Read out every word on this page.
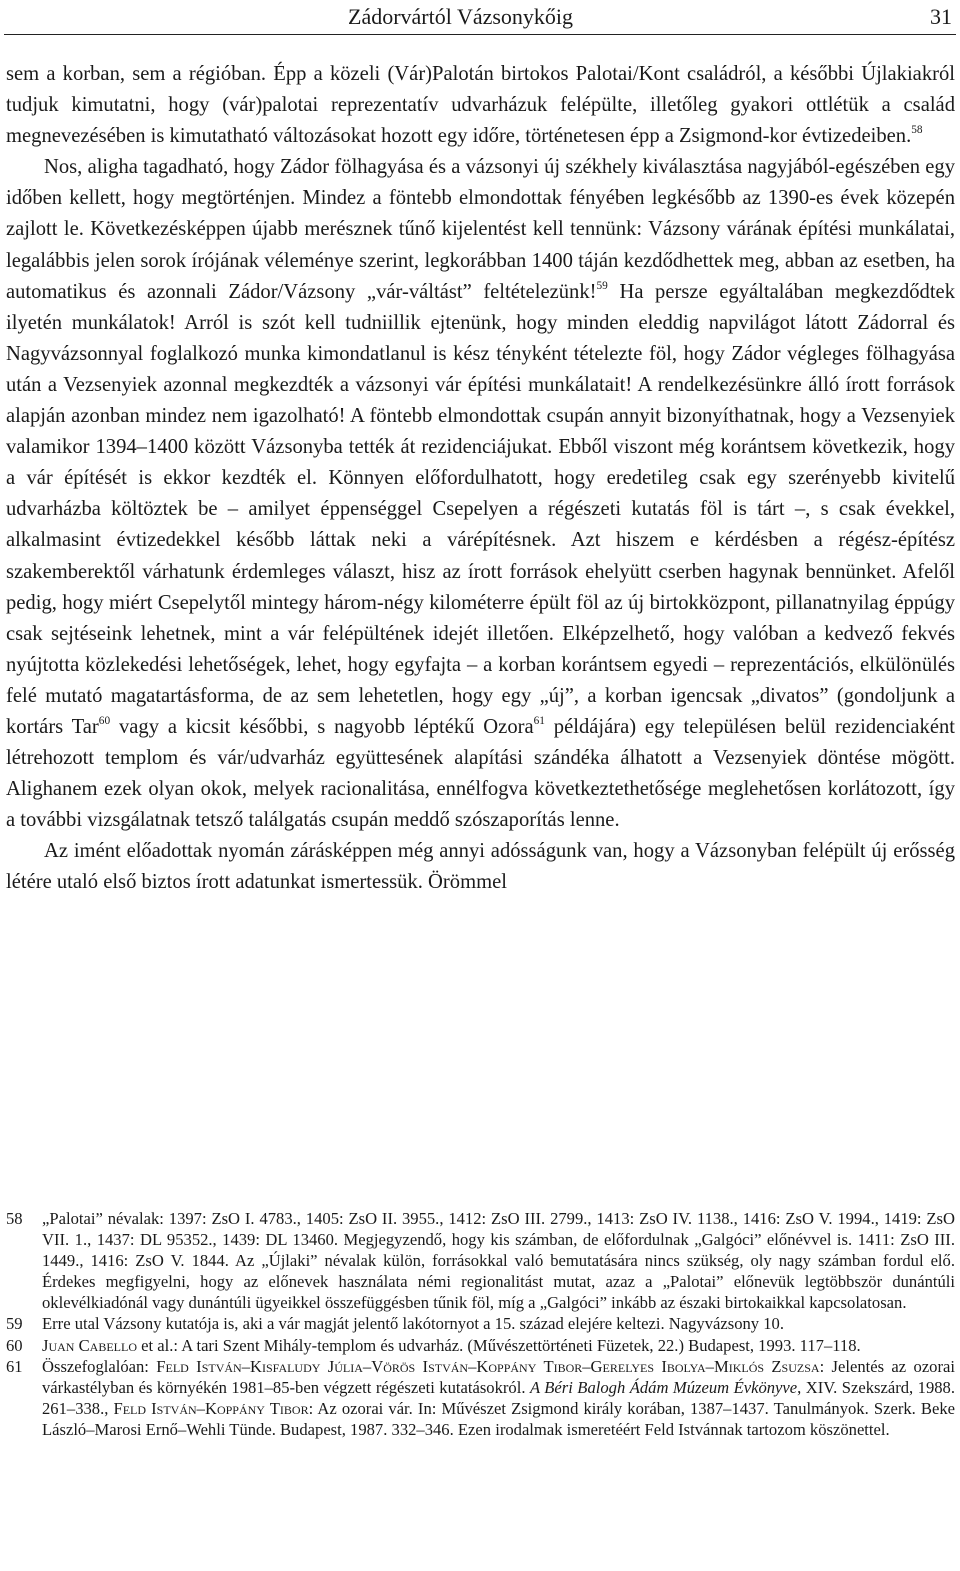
Zádorvártól Vázsonykőig	31

sem a korban, sem a régióban. Épp a közeli (Vár)Palotán birtokos Palotai/Kont családról, a későbbi Újlakiakról tudjuk kimutatni, hogy (vár)palotai reprezentatív udvarházuk felépülte, illetőleg gyakori ottlétük a család megnevezésében is kimutatható változásokat hozott egy időre, történetesen épp a Zsigmond-kor évtizedeiben.$^{58}$

Nos, aligha tagadható, hogy Zádor fölhagyása és a vázsonyi új székhely kiválasztása nagyjából-egészében egy időben kellett, hogy megtörténjen. Mindez a föntebb elmondottak fényében legkésőbb az 1390-es évek közepén zajlott le. Következésképpen újabb merésznek tűnő kijelentést kell tennünk: Vázsony várának építési munkálatai, legalábbis jelen sorok írójának véleménye szerint, legkorábban 1400 táján kezdődhettek meg, abban az esetben, ha automatikus és azonnali Zádor/Vázsony „vár-váltást” feltételezünk!$^{59}$ Ha persze egyáltalában megkezdődtek ilyetén munkálatok! Arról is szót kell tudniillik ejtenünk, hogy minden eleddig napvilágot látott Zádorral és Nagyvázsonnyal foglalkozó munka kimondatlanul is kész tényként tételezte föl, hogy Zádor végleges fölhagyása után a Vezsenyiek azonnal megkezdték a vázsonyi vár építési munkálatait! A rendelkezésünkre álló írott források alapján azonban mindez nem igazolható! A föntebb elmondottak csupán annyit bizonyíthatnak, hogy a Vezsenyiek valamikor 1394–1400 között Vázsonyba tették át rezidenciájukat. Ebből viszont még korántsem következik, hogy a vár építését is ekkor kezdték el. Könnyen előfordulhatott, hogy eredetileg csak egy szerényebb kivitelű udvarházba költöztek be – amilyet éppenséggel Csepelyen a régészeti kutatás föl is tárt –, s csak évekkel, alkalmasint évtizedekkel később láttak neki a várépítésnek. Azt hiszem e kérdésben a régész-építész szakemberektől várhatunk érdemleges választ, hisz az írott források ehelyütt cserben hagynak bennünket. Afelől pedig, hogy miért Csepelytől mintegy három-négy kilométerre épült föl az új birtokközpont, pillanatnyilag éppúgy csak sejtéseink lehetnek, mint a vár felépültének idejét illetően. Elképzelhető, hogy valóban a kedvező fekvés nyújtotta közlekedési lehetőségek, lehet, hogy egyfajta – a korban korántsem egyedi – reprezentációs, elkülönülés felé mutató magatartásforma, de az sem lehetetlen, hogy egy „új”, a korban igencsak „divatos” (gondoljunk a kortárs Tar$^{60}$ vagy a kicsit későbbi, s nagyobb léptékű Ozora$^{61}$ példájára) egy településen belül rezidenciaként létrehozott templom és vár/udvarház együttesének alapítási szándéka álhatott a Vezsenyiek döntése mögött. Alighanem ezek olyan okok, melyek racionalitása, ennélfogva következtethetősége meglehetősen korlátozott, így a további vizsgálatnak tetsző találgatás csupán meddő szószaporítás lenne.

Az imént előadottak nyomán zárásképpen még annyi adósságunk van, hogy a Vázsonyban felépült új erősség létére utaló első biztos írott adatunkat ismertessük. Örömmel

58 „Palotai” névalak: 1397: ZsO I. 4783., 1405: ZsO II. 3955., 1412: ZsO III. 2799., 1413: ZsO IV. 1138., 1416: ZsO V. 1994., 1419: ZsO VII. 1., 1437: DL 95352., 1439: DL 13460. Megjegyzendő, hogy kis számban, de előfordulnak „Galgóci” előnévvel is. 1411: ZsO III. 1449., 1416: ZsO V. 1844. Az „Újlaki” névalak külön, forrásokkal való bemutatására nincs szükség, oly nagy számban fordul elő. Érdekes megfigyelni, hogy az előnevek használata némi regionalitást mutat, azaz a „Palotai” előnevük legtöbbször dunántúli oklevélkiadónál vagy dunántúli ügyeikkel összefüggésben tűnik föl, míg a „Galgóci” inkább az északi birtokaikkal kapcsolatosan.

59 Erre utal Vázsony kutatója is, aki a vár magját jelentő lakótornyot a 15. század elejére keltezi. Nagyvázsony 10.

60 Juan Cabello et al.: A tari Szent Mihály-templom és udvarház. (Művészettörténeti Füzetek, 22.) Budapest, 1993. 117–118.

61 Összefoglalóan: Feld István–Kisfaludy Júlia–Vörös István–Koppány Tibor–Gerelyes Ibolya–Miklós Zsuzsa: Jelentés az ozorai várkastélyban és környékén 1981–85-ben végzett régészeti kutatásokról. A Béri Balogh Ádám Múzeum Évkönyve, XIV. Szekszárd, 1988. 261–338., Feld István–Koppány Tibor: Az ozorai vár. In: Művészet Zsigmond király korában, 1387–1437. Tanulmányok. Szerk. Beke László–Marosi Ernő–Wehli Tünde. Budapest, 1987. 332–346. Ezen irodalmak ismeretéért Feld Istvánnak tartozom köszönettel.
